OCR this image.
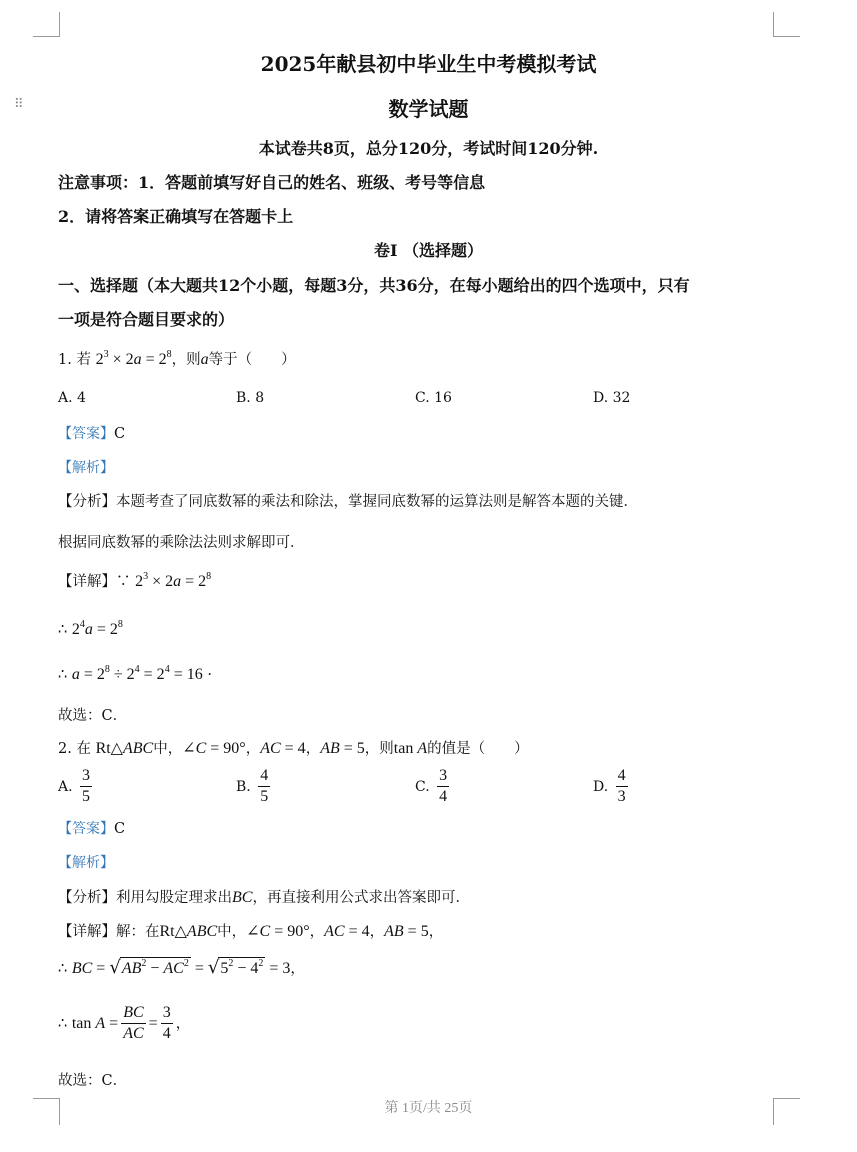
⠿
2025年献县初中毕业生中考模拟考试
数学试题
本试卷共8页，总分120分，考试时间120分钟.
注意事项：1．答题前填写好自己的姓名、班级、考号等信息
2．请将答案正确填写在答题卡上
卷I （选择题）
一、选择题（本大题共12个小题，每题3分，共36分，在每小题给出的四个选项中，只有
一项是符合题目要求的）
1. 若 $2^3 \times 2a = 2^8$，则a等于（　　）
A. 4	B. 8	C. 16	D. 32
【答案】C
【解析】
【分析】本题考查了同底数幂的乘法和除法，掌握同底数幂的运算法则是解答本题的关键．
根据同底数幂的乘除法法则求解即可．
【详解】∵ $2^3 \times 2a = 2^8$
∴ $2^4a = 2^8$
∴ $a = 2^8 \div 2^4 = 2^4 = 16$ ·
故选：C．
2. 在 Rt△ABC中，∠C = 90°，AC = 4，AB = 5，则tan A的值是（　　）
A. $\frac{3}{5}$	B. $\frac{4}{5}$	C. $\frac{3}{4}$	D. $\frac{4}{3}$
【答案】C
【解析】
【分析】利用勾股定理求出BC，再直接利用公式求出答案即可．
【详解】解：在Rt△ABC中，∠C = 90°，AC = 4，AB = 5，
∴ BC = $√AB^2 - AC^2 = √5^2 - 4^2 = 3$，
∴ $\tan A = \frac{BC}{AC} = \frac{3}{4}$ ，
故选：C．
第 1页/共 25页
